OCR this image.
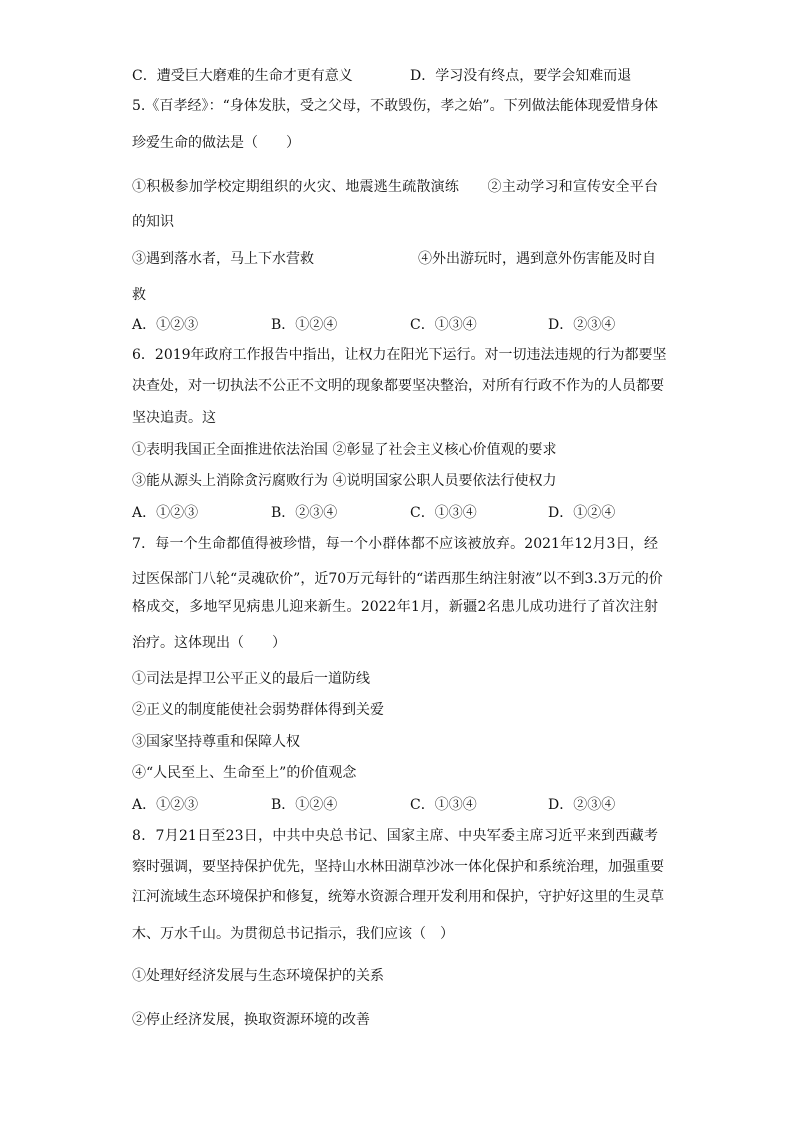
C．遭受巨大磨难的生命才更有意义	D．学习没有终点，要学会知难而退
5.《百孝经》：“身体发肤，受之父母，不敢毁伤，孝之始”。下列做法能体现爱惜身体
珍爱生命的做法是（　　）
①积极参加学校定期组织的火灾、地震逃生疏散演练　　②主动学习和宣传安全平台
的知识
③遇到落水者，马上下水营救	④外出游玩时，遇到意外伤害能及时自
救
A．①②③	B．①②④	C．①③④	D．②③④
6．2019年政府工作报告中指出，让权力在阳光下运行。对一切违法违规的行为都要坚
决查处，对一切执法不公正不文明的现象都要坚决整治，对所有行政不作为的人员都要
坚决追责。这
①表明我国正全面推进依法治国 ②彰显了社会主义核心价值观的要求
③能从源头上消除贪污腐败行为 ④说明国家公职人员要依法行使权力
A．①②③	B．②③④	C．①③④	D．①②④
7．每一个生命都值得被珍惜，每一个小群体都不应该被放弃。2021年12月3日，经
过医保部门八轮“灵魂砍价”，近70万元每针的“诺西那生纳注射液”以不到3.3万元的价
格成交，多地罕见病患儿迎来新生。2022年1月，新疆2名患儿成功进行了首次注射
治疗。这体现出（　　）
①司法是捍卫公平正义的最后一道防线
②正义的制度能使社会弱势群体得到关爱
③国家坚持尊重和保障人权
④“人民至上、生命至上”的价值观念
A．①②③	B．①②④	C．①③④	D．②③④
8．7月21日至23日，中共中央总书记、国家主席、中央军委主席习近平来到西藏考
察时强调，要坚持保护优先，坚持山水林田湖草沙冰一体化保护和系统治理，加强重要
江河流域生态环境保护和修复，统筹水资源合理开发利用和保护，守护好这里的生灵草
木、万水千山。为贯彻总书记指示，我们应该（　）
①处理好经济发展与生态环境保护的关系
②停止经济发展，换取资源环境的改善
